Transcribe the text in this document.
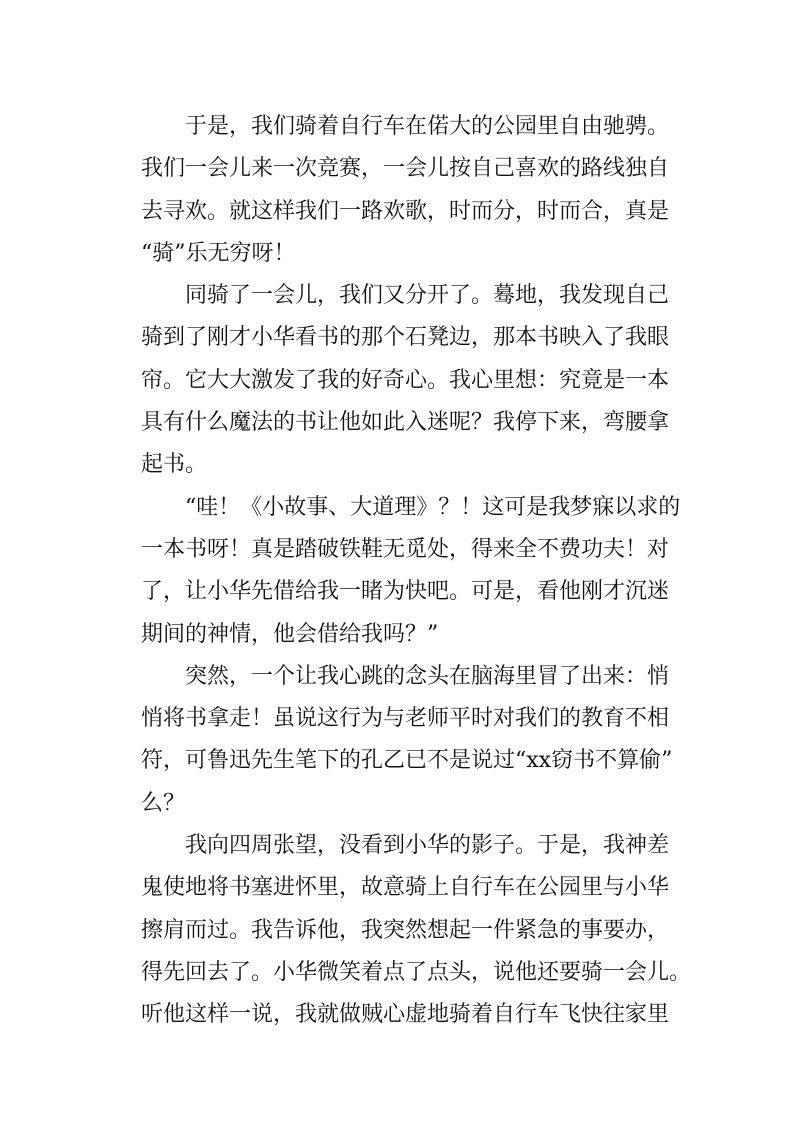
于是，我们骑着自行车在偌大的公园里自由驰骋。
我们一会儿来一次竞赛，一会儿按自己喜欢的路线独自
去寻欢。就这样我们一路欢歌，时而分，时而合，真是
“骑”乐无穷呀！
同骑了一会儿，我们又分开了。蓦地，我发现自己
骑到了刚才小华看书的那个石凳边，那本书映入了我眼
帘。它大大激发了我的好奇心。我心里想：究竟是一本
具有什么魔法的书让他如此入迷呢？我停下来，弯腰拿
起书。
“哇！《小故事、大道理》？！这可是我梦寐以求的
一本书呀！真是踏破铁鞋无觅处，得来全不费功夫！对
了，让小华先借给我一睹为快吧。可是，看他刚才沉迷
期间的神情，他会借给我吗？”
突然，一个让我心跳的念头在脑海里冒了出来：悄
悄将书拿走！虽说这行为与老师平时对我们的教育不相
符，可鲁迅先生笔下的孔乙已不是说过“xx窃书不算偷”
么？
我向四周张望，没看到小华的影子。于是，我神差
鬼使地将书塞进怀里，故意骑上自行车在公园里与小华
擦肩而过。我告诉他，我突然想起一件紧急的事要办，
得先回去了。小华微笑着点了点头，说他还要骑一会儿。
听他这样一说，我就做贼心虚地骑着自行车飞快往家里
